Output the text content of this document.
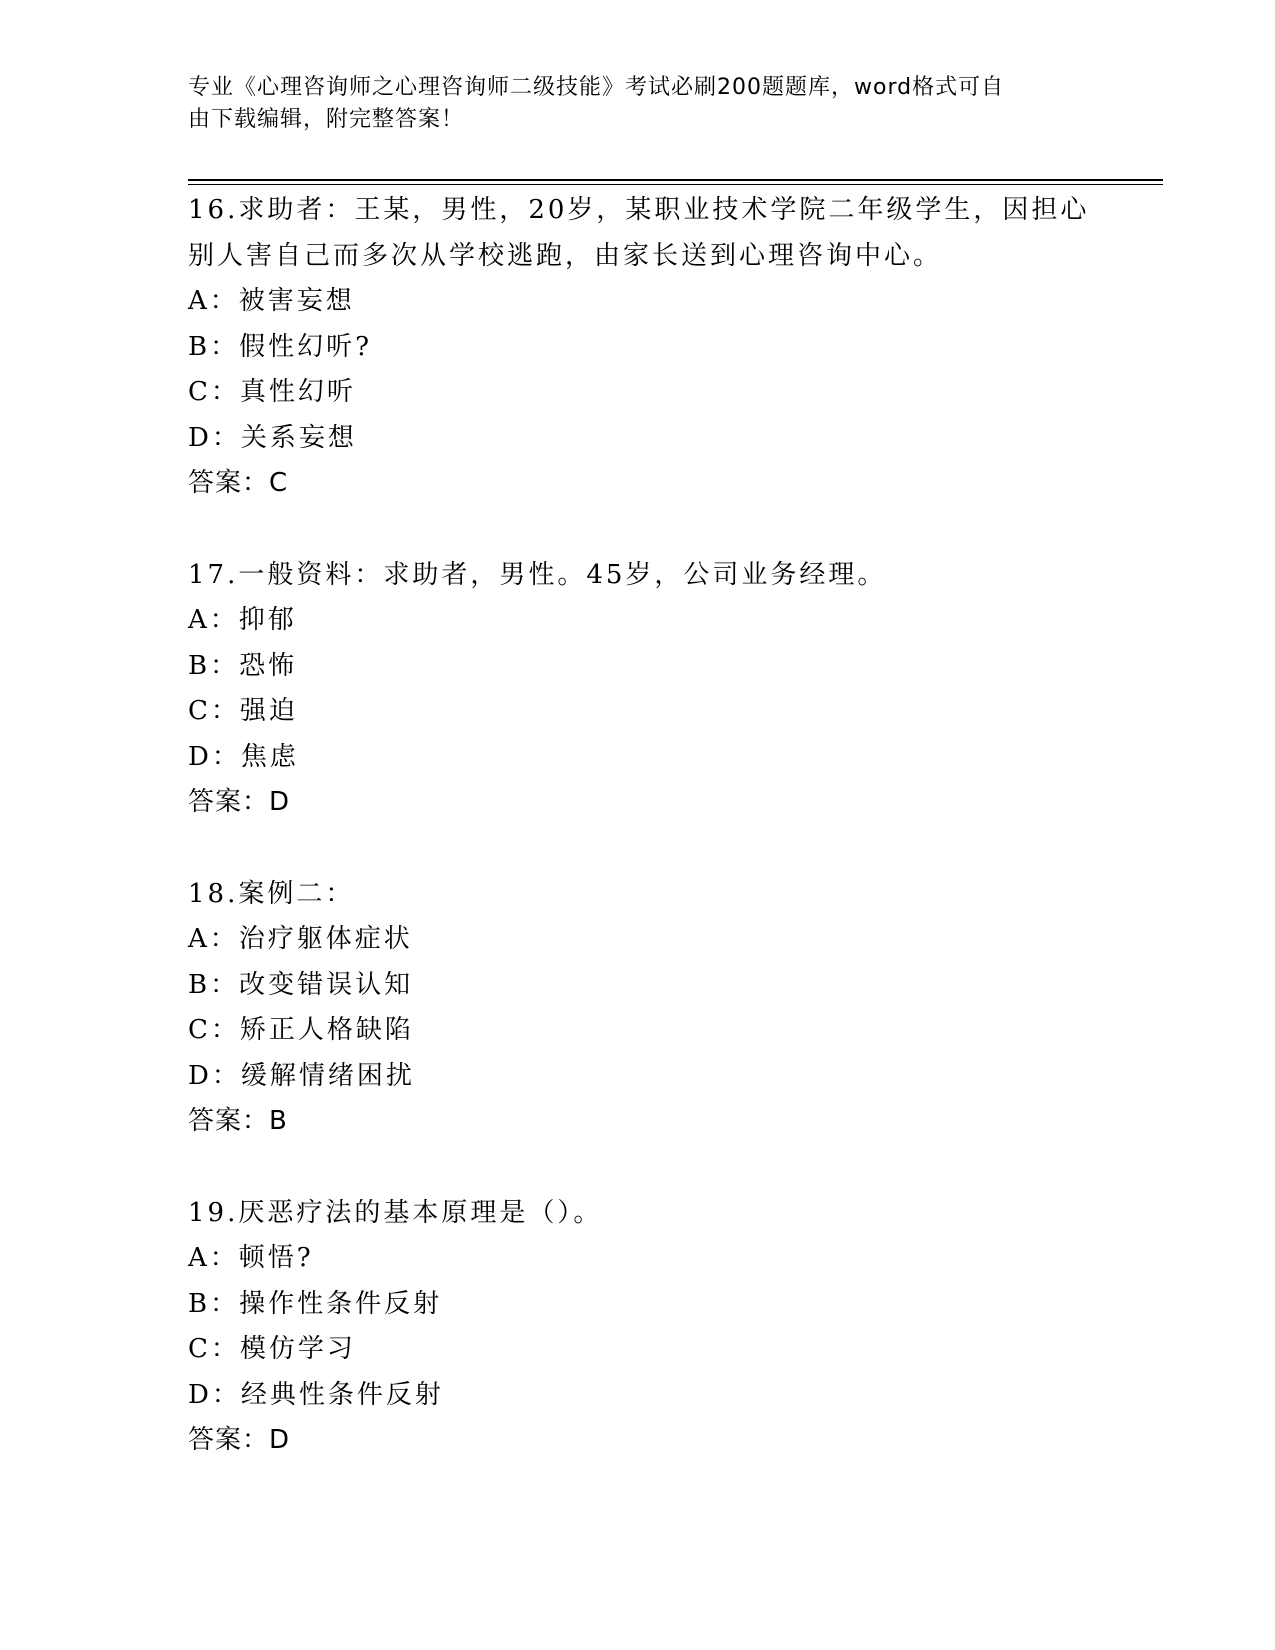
专业《心理咨询师之心理咨询师二级技能》考试必刷200题题库，word格式可自
由下载编辑，附完整答案！
16.求助者：王某，男性，20岁，某职业技术学院二年级学生，因担心
别人害自己而多次从学校逃跑，由家长送到心理咨询中心。
A：被害妄想
B：假性幻听?
C：真性幻听
D：关系妄想
答案：C
17.一般资料：求助者，男性。45岁，公司业务经理。
A：抑郁
B：恐怖
C：强迫
D：焦虑
答案：D
18.案例二：
A：治疗躯体症状
B：改变错误认知
C：矫正人格缺陷
D：缓解情绪困扰
答案：B
19.厌恶疗法的基本原理是（）。
A：顿悟?
B：操作性条件反射
C：模仿学习
D：经典性条件反射
答案：D
